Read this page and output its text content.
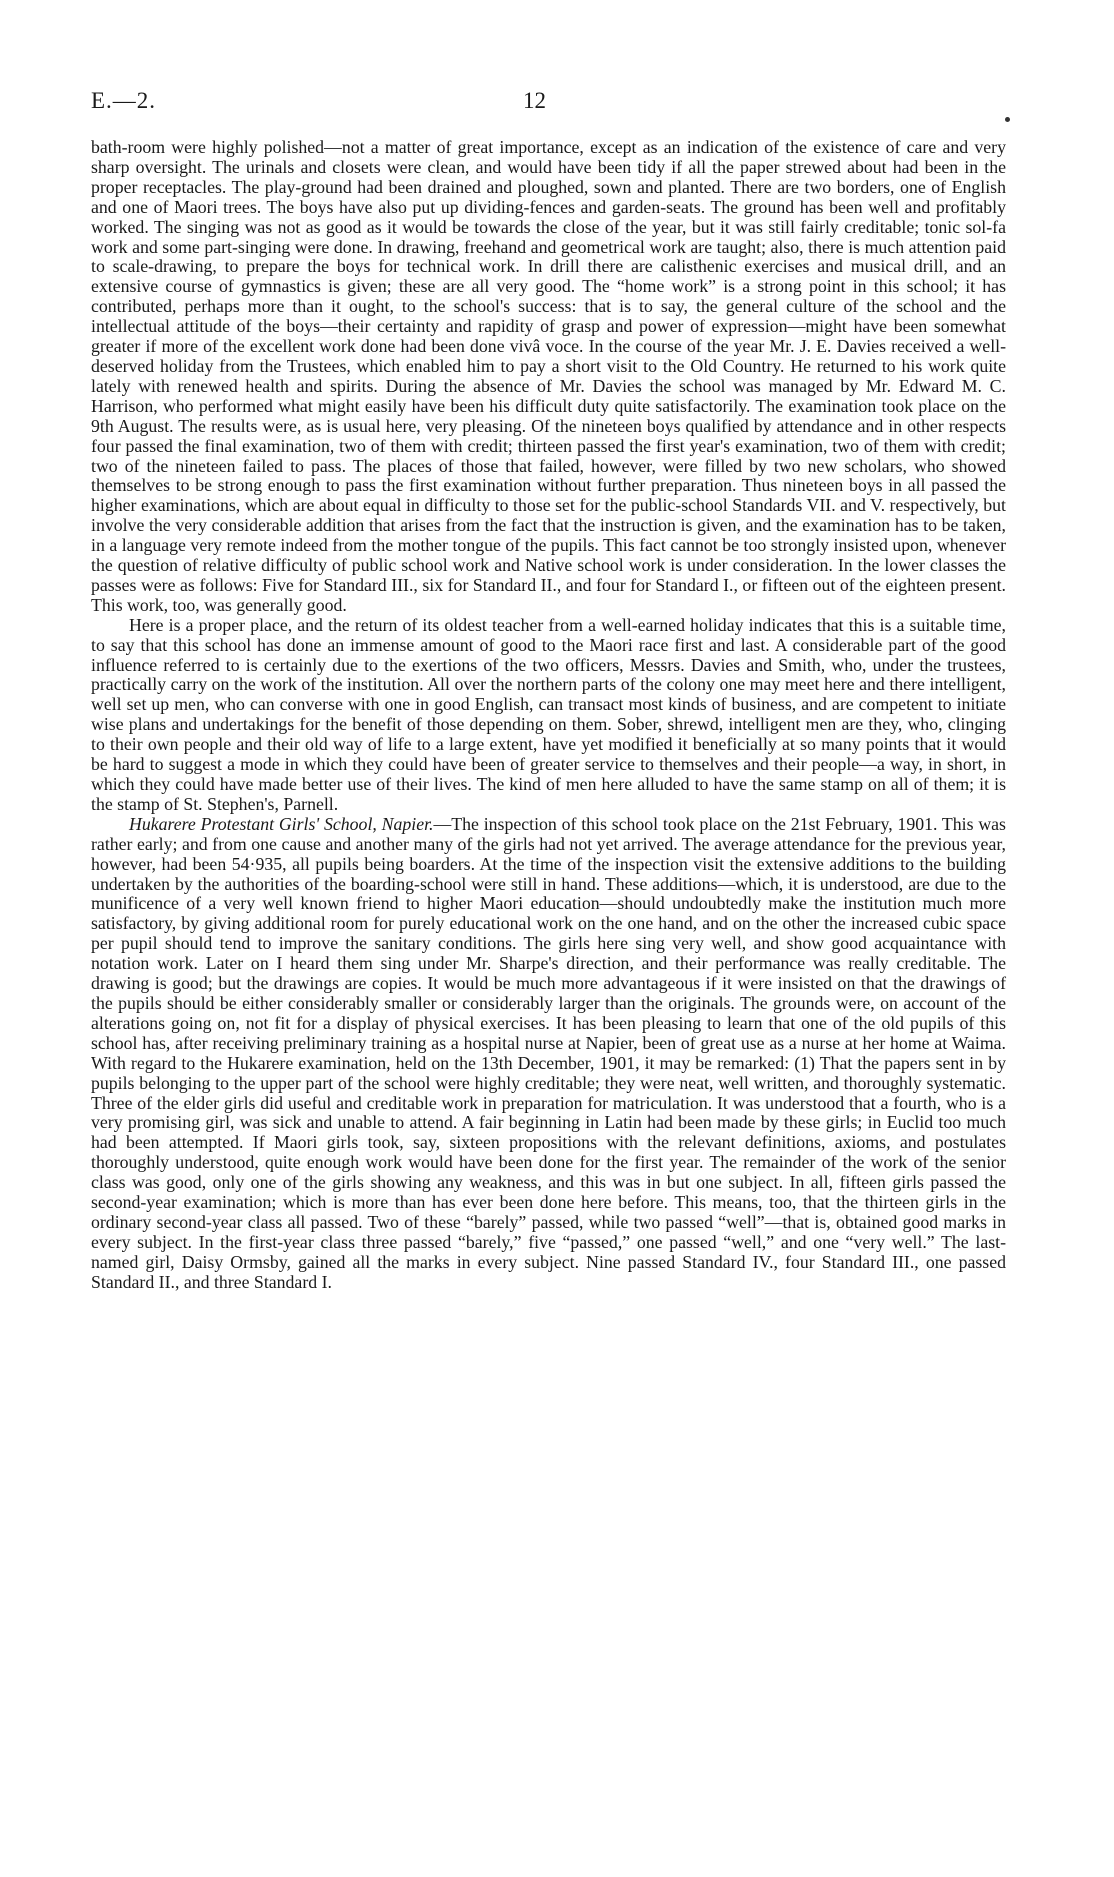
E.—2.	12

bath-room were highly polished—not a matter of great importance, except as an indication of the existence of care and very sharp oversight. The urinals and closets were clean, and would have been tidy if all the paper strewed about had been in the proper receptacles. The play-ground had been drained and ploughed, sown and planted. There are two borders, one of English and one of Maori trees. The boys have also put up dividing-fences and garden-seats. The ground has been well and profitably worked. The singing was not as good as it would be towards the close of the year, but it was still fairly creditable; tonic sol-fa work and some part-singing were done. In drawing, freehand and geometrical work are taught; also, there is much attention paid to scale-drawing, to prepare the boys for technical work. In drill there are calisthenic exercises and musical drill, and an extensive course of gymnastics is given; these are all very good. The “home work” is a strong point in this school; it has contributed, perhaps more than it ought, to the school's success: that is to say, the general culture of the school and the intellectual attitude of the boys—their certainty and rapidity of grasp and power of expression—might have been somewhat greater if more of the excellent work done had been done vivâ voce. In the course of the year Mr. J. E. Davies received a well-deserved holiday from the Trustees, which enabled him to pay a short visit to the Old Country. He returned to his work quite lately with renewed health and spirits. During the absence of Mr. Davies the school was managed by Mr. Edward M. C. Harrison, who performed what might easily have been his difficult duty quite satisfactorily. The examination took place on the 9th August. The results were, as is usual here, very pleasing. Of the nineteen boys qualified by attendance and in other respects four passed the final examination, two of them with credit; thirteen passed the first year's examination, two of them with credit; two of the nineteen failed to pass. The places of those that failed, however, were filled by two new scholars, who showed themselves to be strong enough to pass the first examination without further preparation. Thus nineteen boys in all passed the higher examinations, which are about equal in difficulty to those set for the public-school Standards VII. and V. respectively, but involve the very considerable addition that arises from the fact that the instruction is given, and the examination has to be taken, in a language very remote indeed from the mother tongue of the pupils. This fact cannot be too strongly insisted upon, whenever the question of relative difficulty of public school work and Native school work is under consideration. In the lower classes the passes were as follows: Five for Standard III., six for Standard II., and four for Standard I., or fifteen out of the eighteen present. This work, too, was generally good.

Here is a proper place, and the return of its oldest teacher from a well-earned holiday indicates that this is a suitable time, to say that this school has done an immense amount of good to the Maori race first and last. A considerable part of the good influence referred to is certainly due to the exertions of the two officers, Messrs. Davies and Smith, who, under the trustees, practically carry on the work of the institution. All over the northern parts of the colony one may meet here and there intelligent, well set up men, who can converse with one in good English, can transact most kinds of business, and are competent to initiate wise plans and undertakings for the benefit of those depending on them. Sober, shrewd, intelligent men are they, who, clinging to their own people and their old way of life to a large extent, have yet modified it beneficially at so many points that it would be hard to suggest a mode in which they could have been of greater service to themselves and their people—a way, in short, in which they could have made better use of their lives. The kind of men here alluded to have the same stamp on all of them; it is the stamp of St. Stephen's, Parnell.

Hukarere Protestant Girls' School, Napier.—The inspection of this school took place on the 21st February, 1901. This was rather early; and from one cause and another many of the girls had not yet arrived. The average attendance for the previous year, however, had been 54·935, all pupils being boarders. At the time of the inspection visit the extensive additions to the building undertaken by the authorities of the boarding-school were still in hand. These additions—which, it is understood, are due to the munificence of a very well known friend to higher Maori education—should undoubtedly make the institution much more satisfactory, by giving additional room for purely educational work on the one hand, and on the other the increased cubic space per pupil should tend to improve the sanitary conditions. The girls here sing very well, and show good acquaintance with notation work. Later on I heard them sing under Mr. Sharpe's direction, and their performance was really creditable. The drawing is good; but the drawings are copies. It would be much more advantageous if it were insisted on that the drawings of the pupils should be either considerably smaller or considerably larger than the originals. The grounds were, on account of the alterations going on, not fit for a display of physical exercises. It has been pleasing to learn that one of the old pupils of this school has, after receiving preliminary training as a hospital nurse at Napier, been of great use as a nurse at her home at Waima. With regard to the Hukarere examination, held on the 13th December, 1901, it may be remarked: (1) That the papers sent in by pupils belonging to the upper part of the school were highly creditable; they were neat, well written, and thoroughly systematic. Three of the elder girls did useful and creditable work in preparation for matriculation. It was understood that a fourth, who is a very promising girl, was sick and unable to attend. A fair beginning in Latin had been made by these girls; in Euclid too much had been attempted. If Maori girls took, say, sixteen propositions with the relevant definitions, axioms, and postulates thoroughly understood, quite enough work would have been done for the first year. The remainder of the work of the senior class was good, only one of the girls showing any weakness, and this was in but one subject. In all, fifteen girls passed the second-year examination; which is more than has ever been done here before. This means, too, that the thirteen girls in the ordinary second-year class all passed. Two of these “barely” passed, while two passed “well”—that is, obtained good marks in every subject. In the first-year class three passed “barely,” five “passed,” one passed “well,” and one “very well.” The last-named girl, Daisy Ormsby, gained all the marks in every subject. Nine passed Standard IV., four Standard III., one passed Standard II., and three Standard I.
